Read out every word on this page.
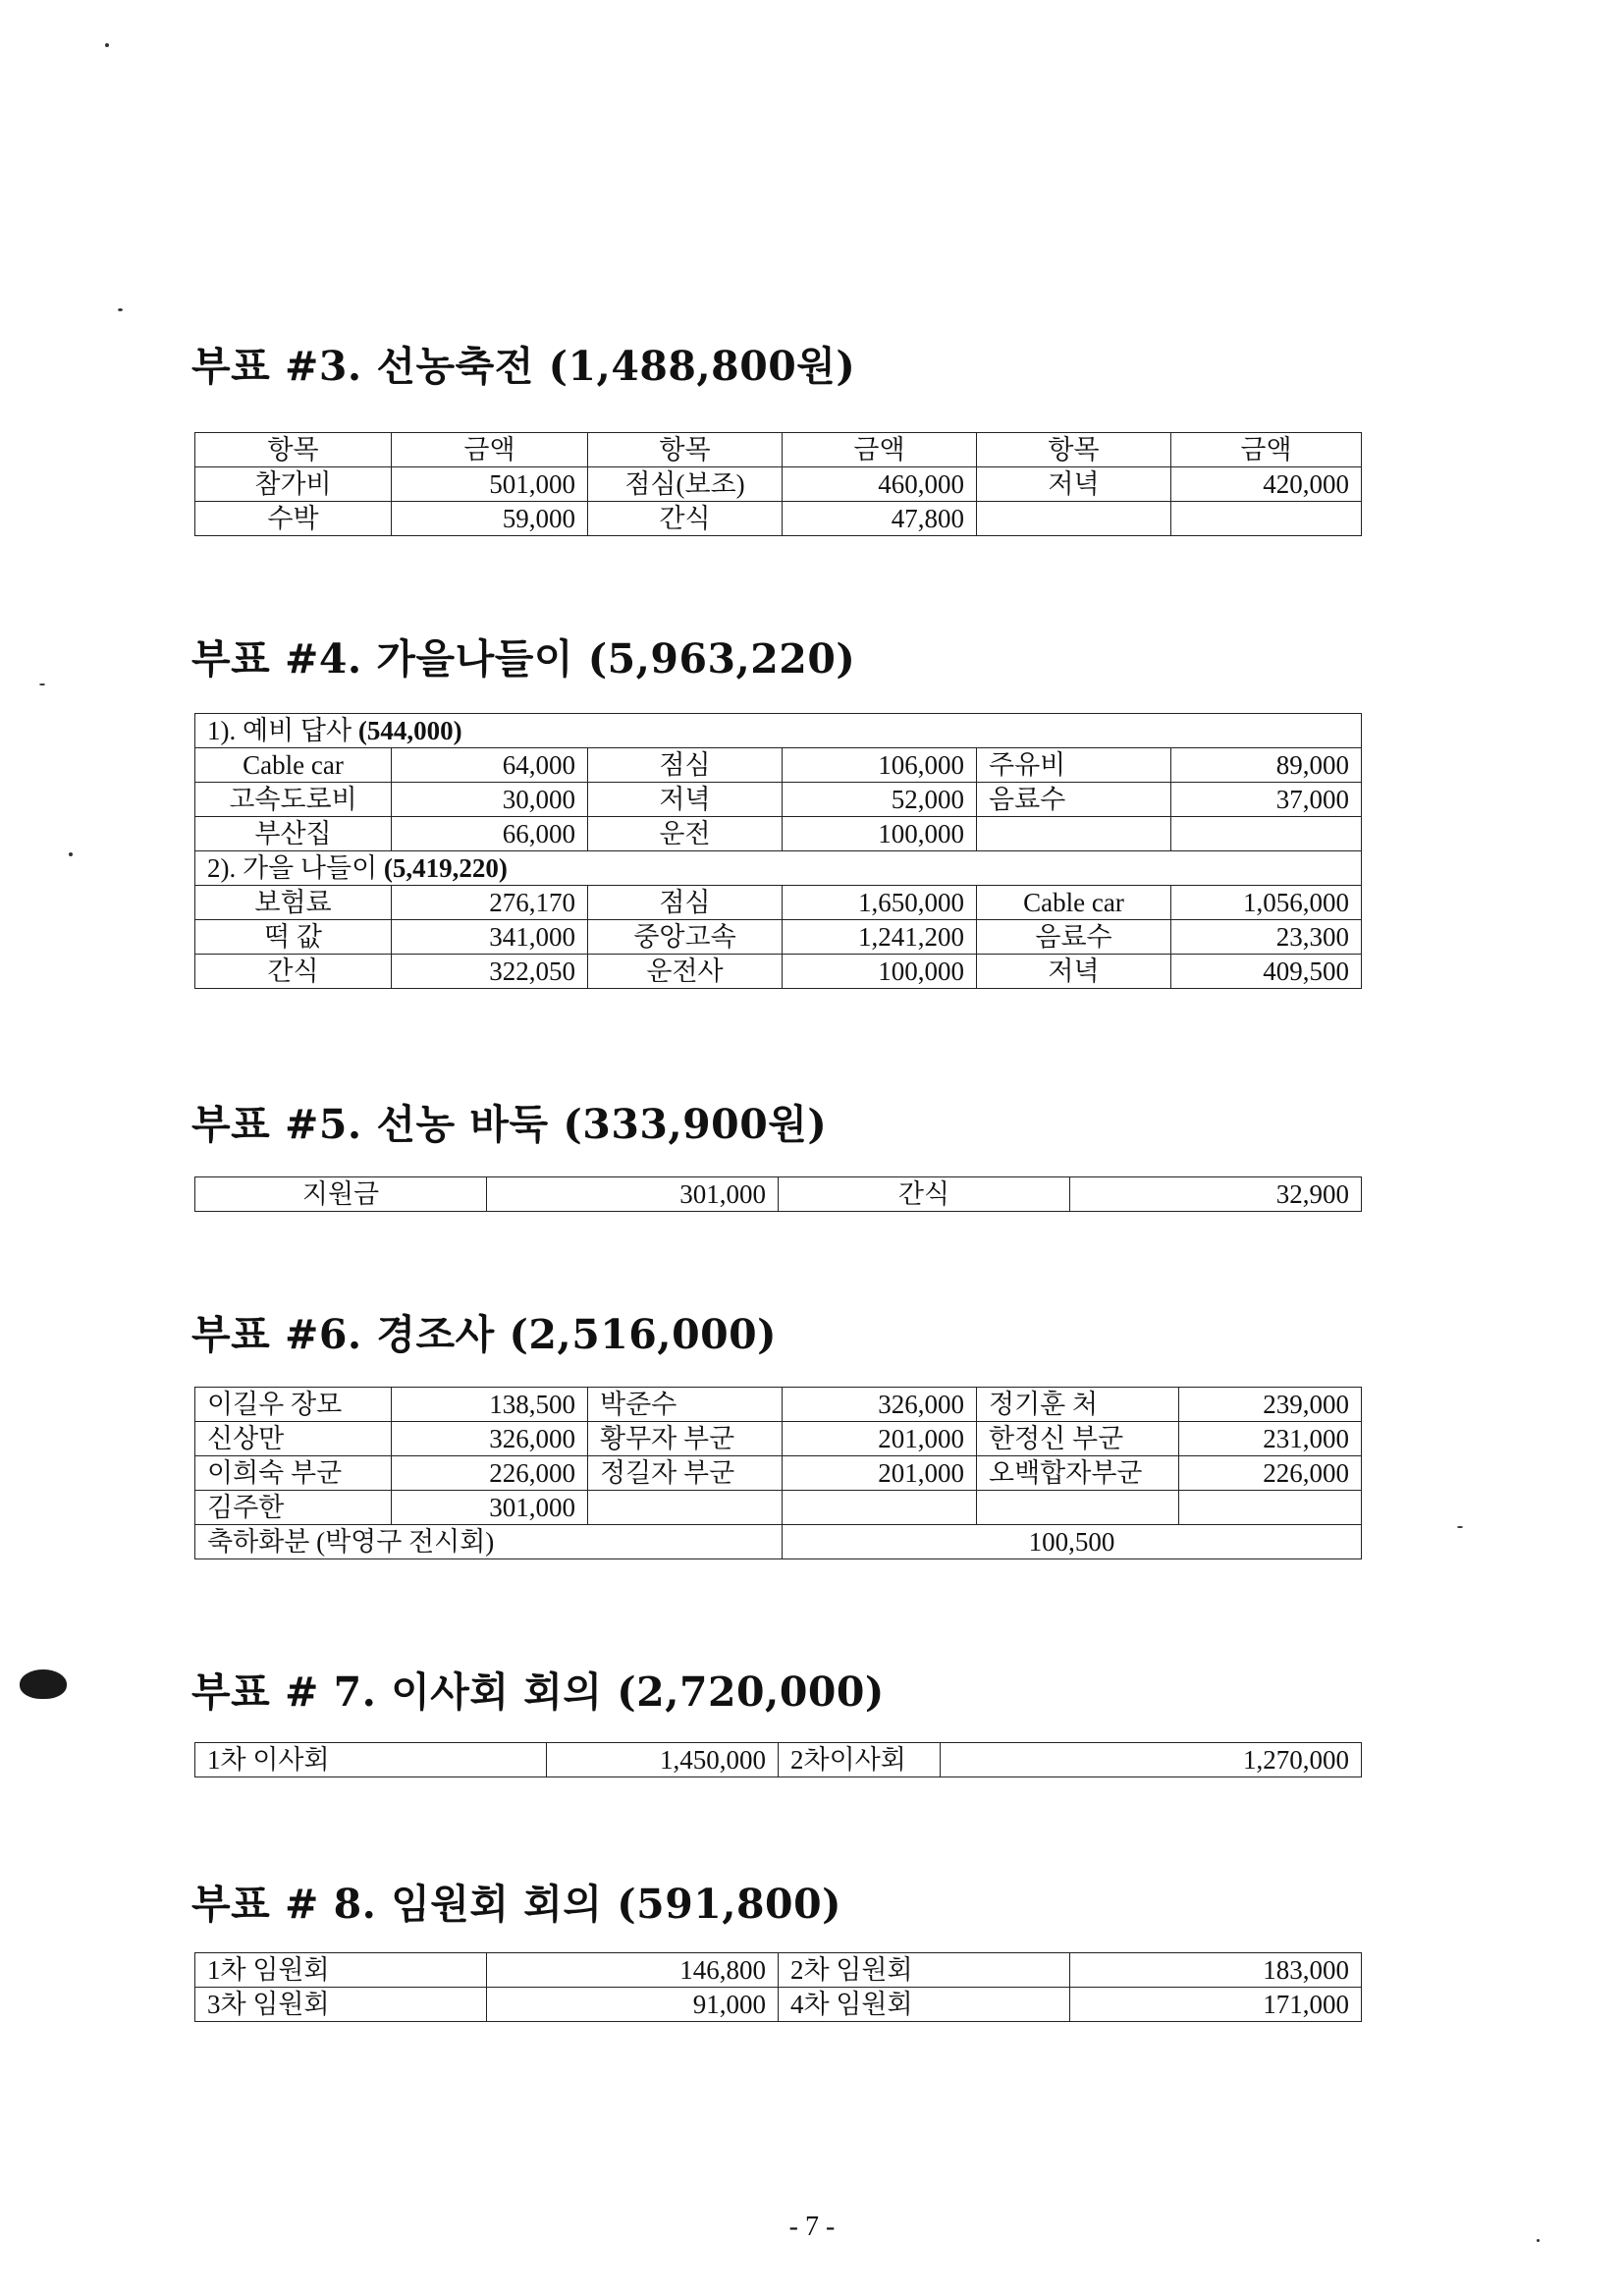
부표 #3. 선농축전 (1,488,800원)
항목	금액	항목	금액	항목	금액
참가비	501,000	점심(보조)	460,000	저녁	420,000
수박	59,000	간식	47,800		
부표 #4. 가을나들이 (5,963,220)
1). 예비 답사 (544,000)					
Cable car	64,000	점심	106,000	주유비	89,000
고속도로비	30,000	저녁	52,000	음료수	37,000
부산집	66,000	운전	100,000		
2). 가을 나들이 (5,419,220)					
보험료	276,170	점심	1,650,000	Cable car	1,056,000
떡 값	341,000	중앙고속	1,241,200	음료수	23,300
간식	322,050	운전사	100,000	저녁	409,500
부표 #5. 선농 바둑 (333,900원)
지원금	301,000	간식	32,900
부표 #6. 경조사 (2,516,000)
이길우 장모	138,500	박준수	326,000	정기훈 처	239,000
신상만	326,000	황무자 부군	201,000	한정신 부군	231,000
이희숙 부군	226,000	정길자 부군	201,000	오백합자부군	226,000
김주한	301,000				
축하화분 (박영구 전시회)			100,500		
부표 # 7. 이사회 회의 (2,720,000)
1차 이사회	1,450,000	2차이사회	1,270,000
부표 # 8. 임원회 회의 (591,800)
1차 임원회	146,800	2차 임원회	183,000
3차 임원회	91,000	4차 임원회	171,000

- 7 -
